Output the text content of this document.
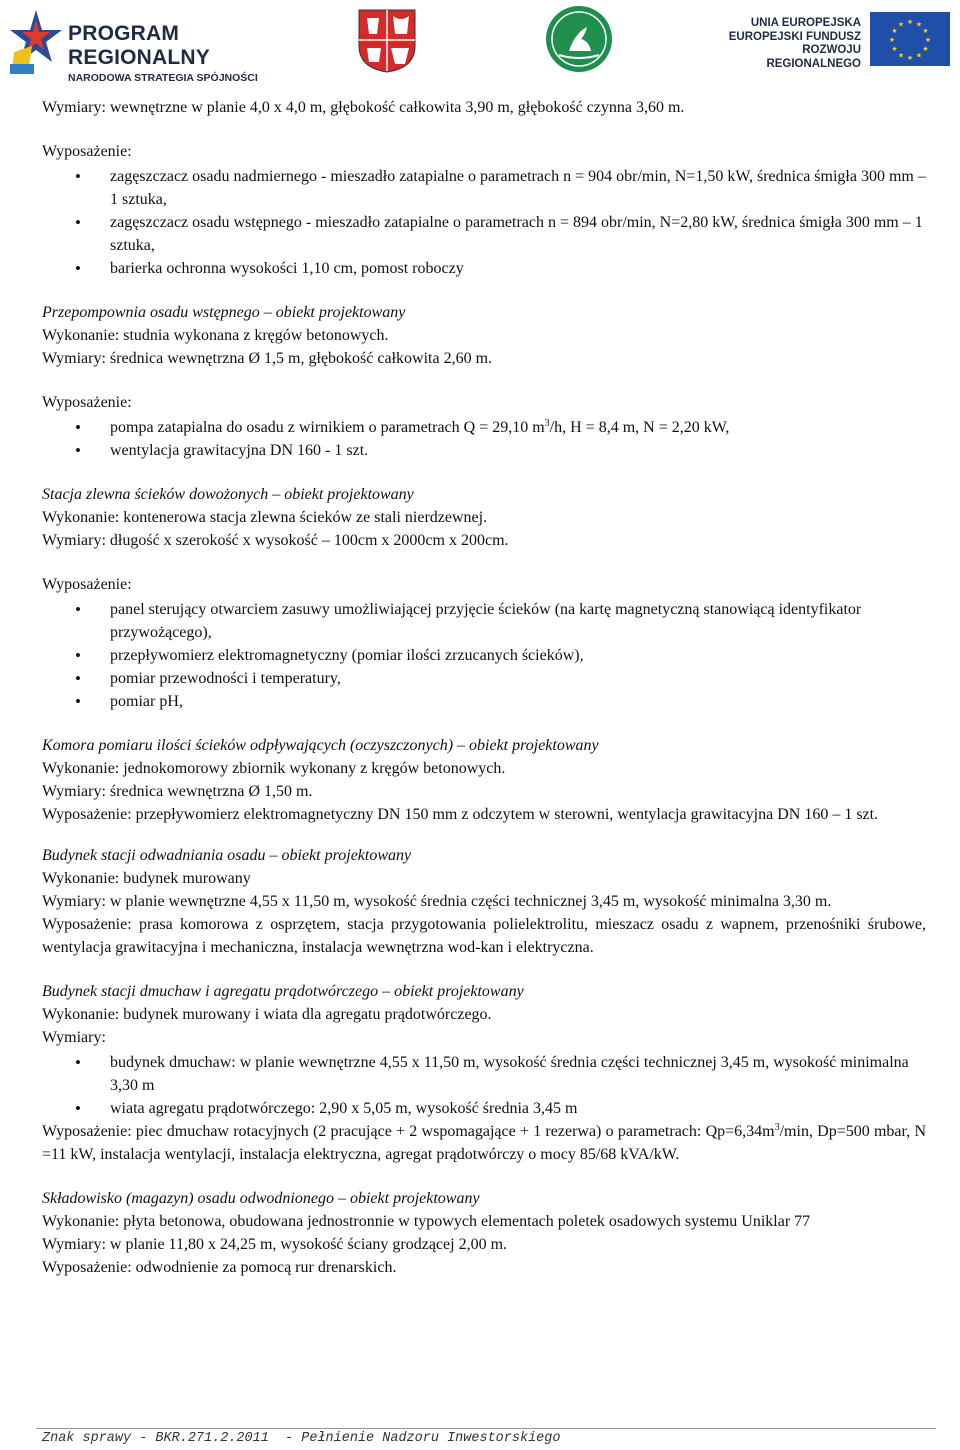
PROGRAM REGIONALNY
NARODOWA STRATEGIA SPÓJNOŚCI
UNIA EUROPEJSKA
EUROPEJSKI FUNDUSZ
ROZWOJU REGIONALNEGO
★ ★
★
★
★
★
★
★
★
★
★
★

Wymiary: wewnętrzne w planie 4,0 x 4,0 m, głębokość całkowita 3,90 m, głębokość czynna 3,60 m.

Wyposażenie:

• zagęszczacz osadu nadmiernego - mieszadło zatapialne o parametrach n = 904 obr/min, N=1,50 kW, średnica śmigła 300 mm – 1 sztuka,
• zagęszczacz osadu wstępnego - mieszadło zatapialne o parametrach n = 894 obr/min, N=2,80 kW, średnica śmigła 300 mm – 1 sztuka,
• barierka ochronna wysokości 1,10 cm, pomost roboczy

Przepompownia osadu wstępnego – obiekt projektowany

Wykonanie: studnia wykonana z kręgów betonowych.

Wymiary: średnica wewnętrzna Ø 1,5 m, głębokość całkowita 2,60 m.

Wyposażenie:

• pompa zatapialna do osadu z wirnikiem o parametrach Q = 29,10 $m^3/h$, H = 8,4 m, N = 2,20 kW,
• wentylacja grawitacyjna DN 160 - 1 szt.

Stacja zlewna ścieków dowożonych – obiekt projektowany

Wykonanie: kontenerowa stacja zlewna ścieków ze stali nierdzewnej.

Wymiary: długość x szerokość x wysokość – 100cm x 2000cm x 200cm.

Wyposażenie:

• panel sterujący otwarciem zasuwy umożliwiającej przyjęcie ścieków (na kartę magnetyczną stanowiącą identyfikator przywożącego),
• przepływomierz elektromagnetyczny (pomiar ilości zrzucanych ścieków),
• pomiar przewodności i temperatury,
• pomiar pH,

Komora pomiaru ilości ścieków odpływających (oczyszczonych) – obiekt projektowany

Wykonanie: jednokomorowy zbiornik wykonany z kręgów betonowych.

Wymiary: średnica wewnętrzna Ø 1,50 m.

Wyposażenie: przepływomierz elektromagnetyczny DN 150 mm z odczytem w sterowni, wentylacja grawitacyjna DN 160 – 1 szt.

Budynek stacji odwadniania osadu – obiekt projektowany

Wykonanie: budynek murowany

Wymiary: w planie wewnętrzne 4,55 x 11,50 m, wysokość średnia części technicznej 3,45 m, wysokość minimalna 3,30 m.

Wyposażenie: prasa komorowa z osprzętem, stacja przygotowania polielektrolitu, mieszacz osadu z wapnem, przenośniki śrubowe, wentylacja grawitacyjna i mechaniczna, instalacja wewnętrzna wod-kan i elektryczna.

Budynek stacji dmuchaw i agregatu prądotwórczego – obiekt projektowany

Wykonanie: budynek murowany i wiata dla agregatu prądotwórczego.

Wymiary:

• budynek dmuchaw: w planie wewnętrzne 4,55 x 11,50 m, wysokość średnia części technicznej 3,45 m, wysokość minimalna 3,30 m
• wiata agregatu prądotwórczego: 2,90 x 5,05 m, wysokość średnia 3,45 m

Wyposażenie: piec dmuchaw rotacyjnych (2 pracujące + 2 wspomagające + 1 rezerwa) o parametrach: $Qp=6,34m^3/\min$, Dp=500 mbar, N =11 kW, instalacja wentylacji, instalacja elektryczna, agregat prądotwórczy o mocy 85/68 kVA/kW.

Składowisko (magazyn) osadu odwodnionego – obiekt projektowany

Wykonanie: płyta betonowa, obudowana jednostronnie w typowych elementach poletek osadowych systemu Uniklar 77

Wymiary: w planie 11,80 x 24,25 m, wysokość ściany grodzącej 2,00 m.

Wyposażenie: odwodnienie za pomocą rur drenarskich.

Znak sprawy - BKR.271.2.2011  - Pełnienie Nadzoru Inwestorskiego
